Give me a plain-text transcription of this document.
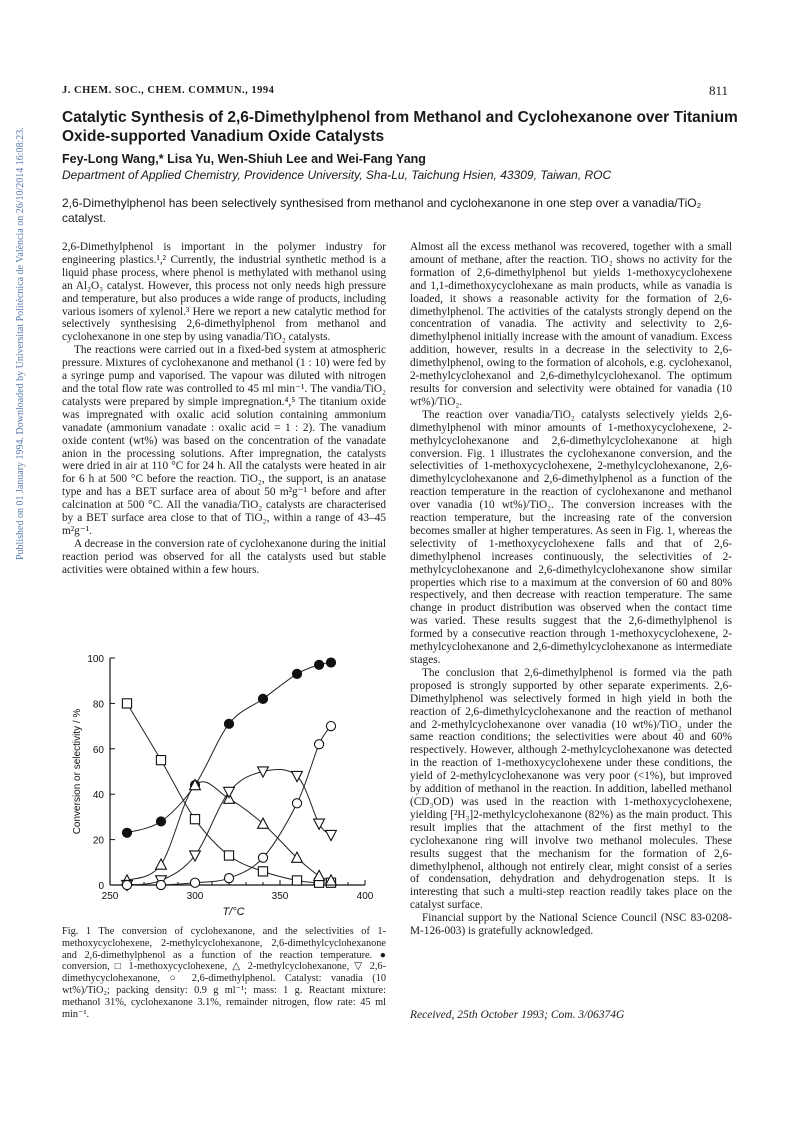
Published on 01 January 1994. Downloaded by Universitat Politècnica de València on 26/10/2014 16:08:23.
J. CHEM. SOC., CHEM. COMMUN., 1994	811
Catalytic Synthesis of 2,6-Dimethylphenol from Methanol and Cyclohexanone over Titanium Oxide-supported Vanadium Oxide Catalysts
Fey-Long Wang,* Lisa Yu, Wen-Shiuh Lee and Wei-Fang Yang
Department of Applied Chemistry, Providence University, Sha-Lu, Taichung Hsien, 43309, Taiwan, ROC
2,6-Dimethylphenol has been selectively synthesised from methanol and cyclohexanone in one step over a vanadia/TiO₂ catalyst.

2,6-Dimethylphenol is important in the polymer industry for engineering plastics.¹,² Currently, the industrial synthetic method is a liquid phase process, where phenol is methylated with methanol using an Al₂O₃ catalyst. However, this process not only needs high pressure and temperature, but also produces a wide range of products, including various isomers of xylenol.³ Here we report a new catalytic method for selectively synthesising 2,6-dimethylphenol from methanol and cyclohexanone in one step by using vanadia/TiO₂ catalysts.

The reactions were carried out in a fixed-bed system at atmospheric pressure. Mixtures of cyclohexanone and methanol (1 : 10) were fed by a syringe pump and vaporised. The vapour was diluted with nitrogen and the total flow rate was controlled to 45 ml min⁻¹. The vandia/TiO₂ catalysts were prepared by simple impregnation.⁴,⁵ The titanium oxide was impregnated with oxalic acid solution containing ammonium vanadate (ammonium vanadate : oxalic acid = 1 : 2). The vanadium oxide content (wt%) was based on the concentration of the vanadate anion in the processing solutions. After impregnation, the catalysts were dried in air at 110 °C for 24 h. All the catalysts were heated in air for 6 h at 500 °C before the reaction. TiO₂, the support, is an anatase type and has a BET surface area of about 50 m²g⁻¹ before and after calcination at 500 °C. All the vanadia/TiO₂ catalysts are characterised by a BET surface area close to that of TiO₂, within a range of 43–45 m²g⁻¹.

A decrease in the conversion rate of cyclohexanone during the initial reaction period was observed for all the catalysts used but stable activities were obtained within a few hours.

Almost all the excess methanol was recovered, together with a small amount of methane, after the reaction. TiO₂ shows no activity for the formation of 2,6-dimethylphenol but yields 1-methoxycyclohexene and 1,1-dimethoxycyclohexane as main products, while as vanadia is loaded, it shows a reasonable activity for the formation of 2,6-dimethylphenol. The activities of the catalysts strongly depend on the concentration of vanadia. The activity and selectivity to 2,6-dimethylphenol initially increase with the amount of vanadium. Excess addition, however, results in a decrease in the selectivity to 2,6-dimethylphenol, owing to the formation of alcohols, e.g. cyclohexanol, 2-methylcyclohexanol and 2,6-dimethylcyclohexanol. The optimum results for conversion and selectivity were obtained for vanadia (10 wt%)/TiO₂.

The reaction over vanadia/TiO₂ catalysts selectively yields 2,6-dimethylphenol with minor amounts of 1-methoxycyclohexene, 2-methylcyclohexanone and 2,6-dimethylcyclohexanone at high conversion. Fig. 1 illustrates the cyclohexanone conversion, and the selectivities of 1-methoxycyclohexene, 2-methylcyclohexanone, 2,6-dimethylcyclohexanone and 2,6-dimethylphenol as a function of the reaction temperature in the reaction of cyclohexanone and methanol over vanadia (10 wt%)/TiO₂. The conversion increases with the reaction temperature, but the increasing rate of the conversion becomes smaller at higher temperatures. As seen in Fig. 1, whereas the selectivity of 1-methoxycyclohexene falls and that of 2,6-dimethylphenol increases continuously, the selectivities of 2-methylcyclohexanone and 2,6-dimethylcyclohexanone show similar properties which rise to a maximum at the conversion of 60 and 80% respectively, and then decrease with reaction temperature. The same change in product distribution was observed when the contact time was varied. These results suggest that the 2,6-dimethylphenol is formed by a consecutive reaction through 1-methoxycyclohexene, 2-methylcyclohexanone and 2,6-dimethylcyclohexanone as intermediate stages.

The conclusion that 2,6-dimethylphenol is formed via the path proposed is strongly supported by other separate experiments. 2,6-Dimethylphenol was selectively formed in high yield in both the reaction of 2,6-dimethylcyclohexanone and the reaction of methanol and 2-methylcyclohexanone over vanadia (10 wt%)/TiO₂ under the same reaction conditions; the selectivities were about 40 and 60% respectively. However, although 2-methylcyclohexanone was detected in the reaction of 1-methoxycyclohexene under these conditions, the yield of 2-methylcyclohexanone was very poor (<1%), but improved by addition of methanol in the reaction. In addition, labelled methanol (CD₃OD) was used in the reaction with 1-methoxycyclohexene, yielding [²H₃]2-methylcyclohexanone (82%) as the main product. This result implies that the attachment of the first methyl to the cyclohexanone ring will involve two methanol molecules. These results suggest that the mechanism for the formation of 2,6-dimethylphenol, although not entirely clear, might consist of a series of condensation, dehydration and dehydrogenation steps. It is interesting that such a multi-step reaction readily takes place on the catalyst surface.

Financial support by the National Science Council (NSC 83-0208-M-126-003) is gratefully acknowledged.

0
20
40
60
80
100
250	300	350	400
T/°C
Conversion or selectivity / %
Fig. 1 The conversion of cyclohexanone, and the selectivities of 1-methoxycyclohexene, 2-methylcyclohexanone, 2,6-dimethylcyclohexanone and 2,6-dimethylphenol as a function of the reaction temperature. ● conversion, □ 1-methoxycyclohexene, △ 2-methylcyclohexanone, ▽ 2,6-dimethycyclohexanone, ○ 2,6-dimethylphenol. Catalyst: vanadia (10 wt%)/TiO₂; packing density: 0.9 g ml⁻¹; mass: 1 g. Reactant mixture: methanol 31%, cyclohexanone 3.1%, remainder nitrogen, flow rate: 45 ml min⁻¹.	Received, 25th October 1993; Com. 3/06374G
